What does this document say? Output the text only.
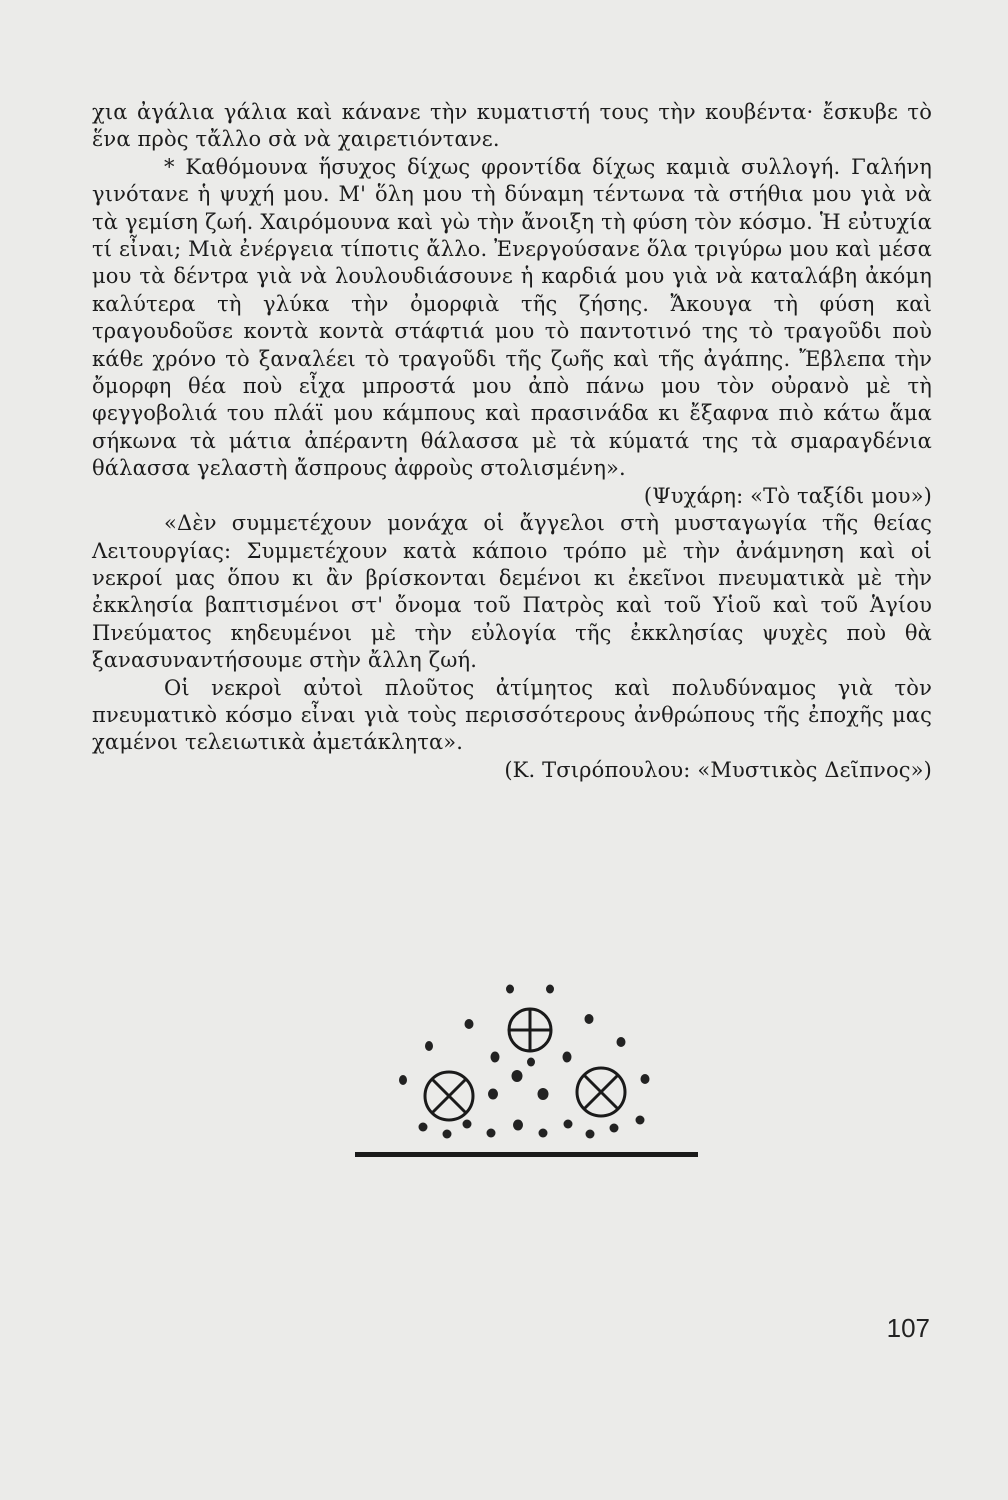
χια ἀγάλια γάλια καὶ κάνανε τὴν κυματιστή τους τὴν κουβέντα· ἔσκυβε τὸ ἕνα πρὸς τἄλλο σὰ νὰ χαιρετιόντανε.

* Καθόμουνα ἥσυχος δίχως φροντίδα δίχως καμιὰ συλλογή. Γαλήνη γινότανε ἡ ψυχή μου. Μ' ὅλη μου τὴ δύναμη τέντωνα τὰ στήθια μου γιὰ νὰ τὰ γεμίση ζωή. Χαιρόμουνα καὶ γὼ τὴν ἄνοιξη τὴ φύση τὸν κόσμο. Ἡ εὐτυχία τί εἶναι; Μιὰ ἐνέργεια τίποτις ἄλλο. Ἐνεργούσανε ὅλα τριγύρω μου καὶ μέσα μου τὰ δέντρα γιὰ νὰ λουλουδιάσουνε ἡ καρδιά μου γιὰ νὰ καταλάβη ἀκόμη καλύτερα τὴ γλύκα τὴν ὀμορφιὰ τῆς ζήσης. Ἄκουγα τὴ φύση καὶ τραγουδοῦσε κοντὰ κοντὰ στάφτιά μου τὸ παντοτινό της τὸ τραγοῦδι ποὺ κάθε χρόνο τὸ ξαναλέει τὸ τραγοῦδι τῆς ζωῆς καὶ τῆς ἀγάπης. Ἔβλεπα τὴν ὄμορφη θέα ποὺ εἶχα μπροστά μου ἀπὸ πάνω μου τὸν οὐρανὸ μὲ τὴ φεγγοβολιά του πλάϊ μου κάμπους καὶ πρασινάδα κι ἔξαφνα πιὸ κάτω ἅμα σήκωνα τὰ μάτια ἀπέραντη θάλασσα μὲ τὰ κύματά της τὰ σμαραγδένια θάλασσα γελαστὴ ἄσπρους ἀφροὺς στολισμένη».

(Ψυχάρη: «Τὸ ταξίδι μου»)

«Δὲν συμμετέχουν μονάχα οἱ ἄγγελοι στὴ μυσταγωγία τῆς θείας Λειτουργίας: Συμμετέχουν κατὰ κάποιο τρόπο μὲ τὴν ἀνάμνηση καὶ οἱ νεκροί μας ὅπου κι ἂν βρίσκονται δεμένοι κι ἐκεῖνοι πνευματικὰ μὲ τὴν ἐκκλησία βαπτισμένοι στ' ὄνομα τοῦ Πατρὸς καὶ τοῦ Υἱοῦ καὶ τοῦ Ἁγίου Πνεύματος κηδευμένοι μὲ τὴν εὐλογία τῆς ἐκκλησίας ψυχὲς ποὺ θὰ ξανασυναντήσουμε στὴν ἄλλη ζωή.

Οἱ νεκροὶ αὐτοὶ πλοῦτος ἀτίμητος καὶ πολυδύναμος γιὰ τὸν πνευματικὸ κόσμο εἶναι γιὰ τοὺς περισσότερους ἀνθρώπους τῆς ἐποχῆς μας χαμένοι τελειωτικὰ ἀμετάκλητα».

(Κ. Τσιρόπουλου: «Μυστικὸς Δεῖπνος»)

107
